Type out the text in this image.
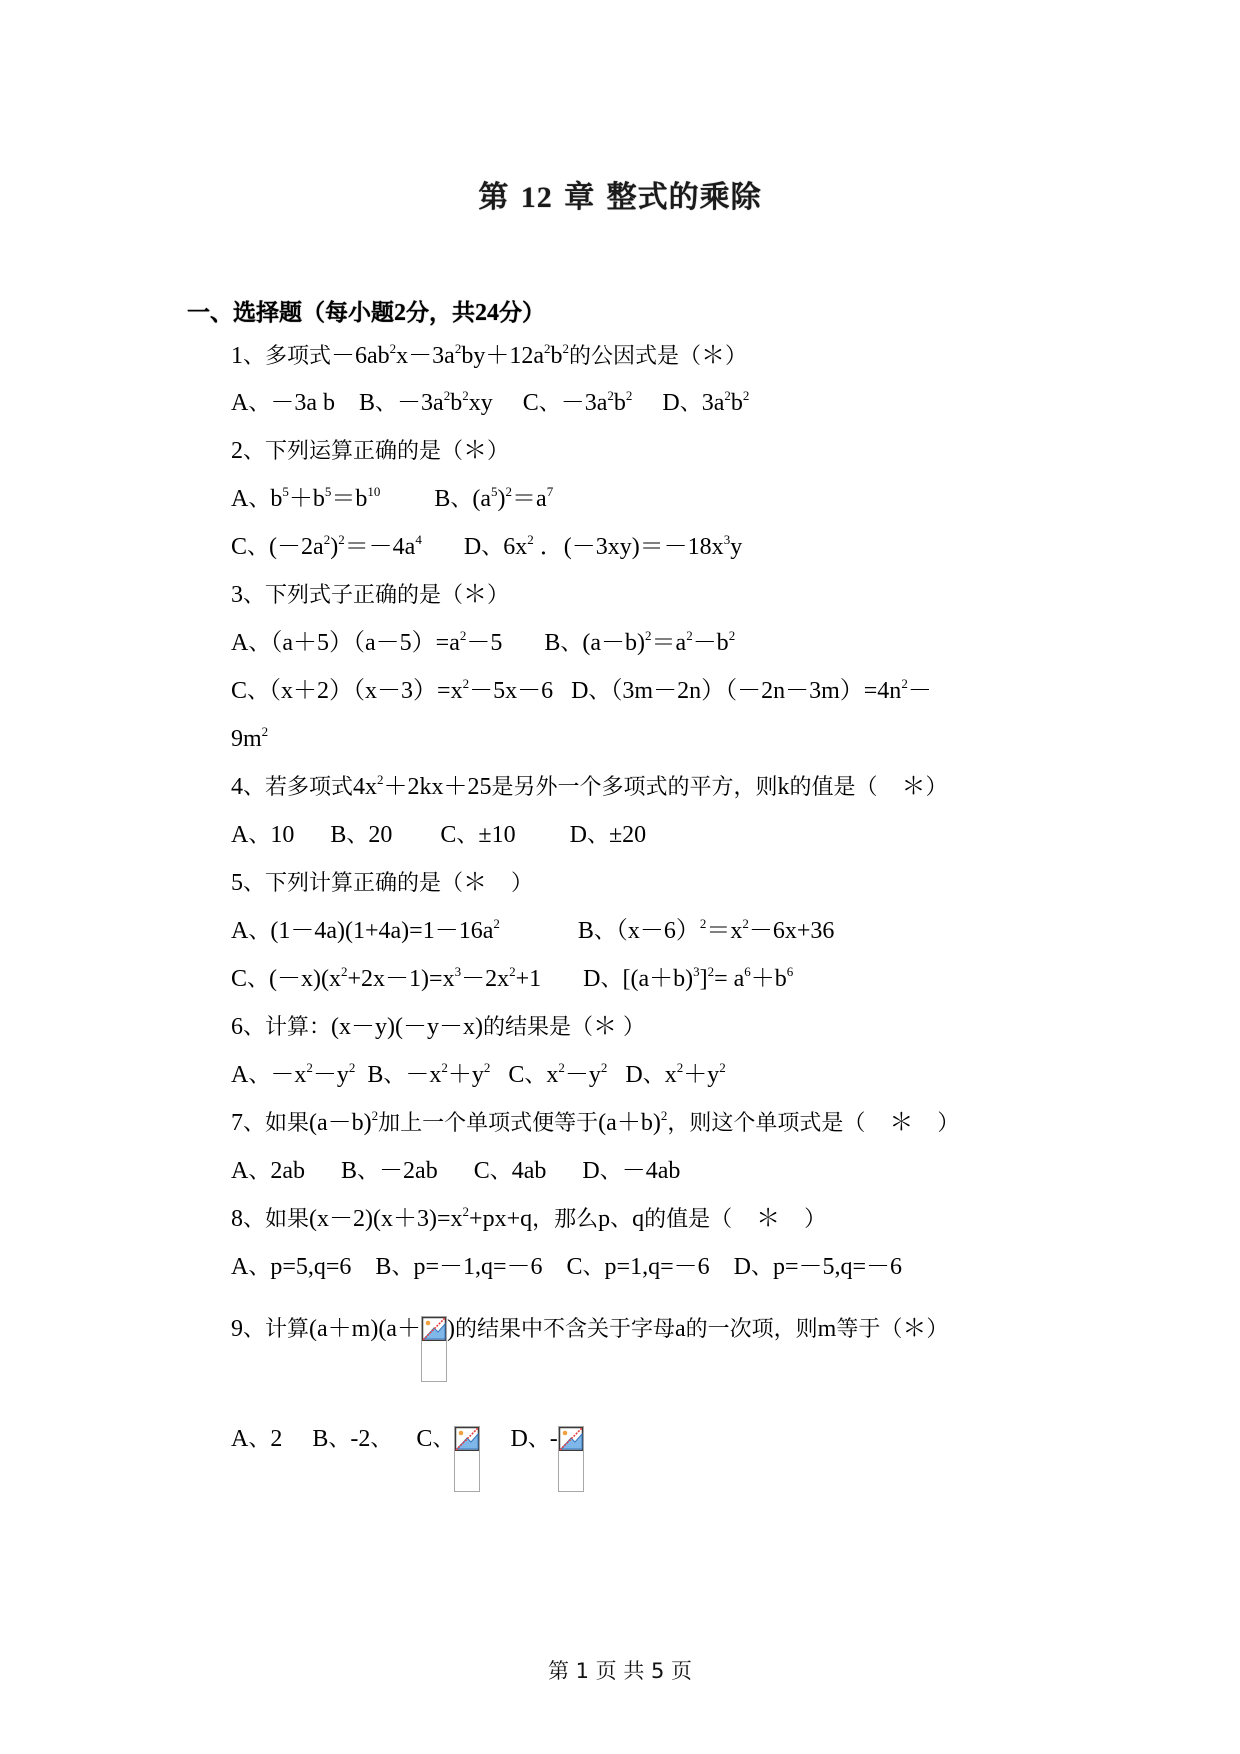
第 12 章 整式的乘除
一、选择题（每小题2分，共24分）
1、多项式$-6ab^2x-3a^2by+12a^2b^2$的公因式是（＊）
A、－3a b    B、$-3a^2b^2xy$     C、$-3a^2b^2$     D、$3a^2b^2$
2、下列运算正确的是（＊）
A、$b^5+b^5=b^{10}$         B、$(a^5)^2=a^7$
C、$(-2a^2)^2=-4a^4$       D、$6x^2$ ．$(-3xy)=-18x^3y$
3、下列式子正确的是（＊）
A、$(a+5)(a-5)=a^2-5$       B、$(a-b)^2=a^2-b^2$
C、$(x+2)(x-3)=x^2-5x-6$   D、$(3m-2n)(-2n-3m)=4n^2-$
$9m^2$
4、若多项式$4x^2+2kx+25$是另外一个多项式的平方，则k的值是（    ＊）
A、10      B、20        C、±10         D、±20
5、下列计算正确的是（＊    ）
A、$(1-4a)(1+4a)=1-16a^2$             B、$(x-6)^2=x^2-6x+36$
C、$(-x)(x^2+2x-1)=x^3-2x^2+1$       D、$[(a+b)^3]^2= a^6+b^6$
6、计算：(x－y)(－y－x)的结果是（＊ ）
A、$-x^2-y^2$  B、$-x^2+y^2$   C、$x^2-y^2$   D、$x^2+y^2$
7、如果$(a-b)^2$加上一个单项式便等于$(a+b)^2$，则这个单项式是（    ＊    ）
A、2ab      B、－2ab      C、4ab      D、－4ab
8、如果$(x-2)(x+3)=x^2+px+q$，那么p、q的值是（    ＊    ）
A、p=5,q=6    B、p=－1,q=－6    C、p=1,q=－6    D、p=－5,q=－6
9、计算(a＋m)(a＋ )的结果中不含关于字母a的一次项，则m等于（＊）
A、2     B、-2、    C、
D、-
第 1 页 共 5 页
